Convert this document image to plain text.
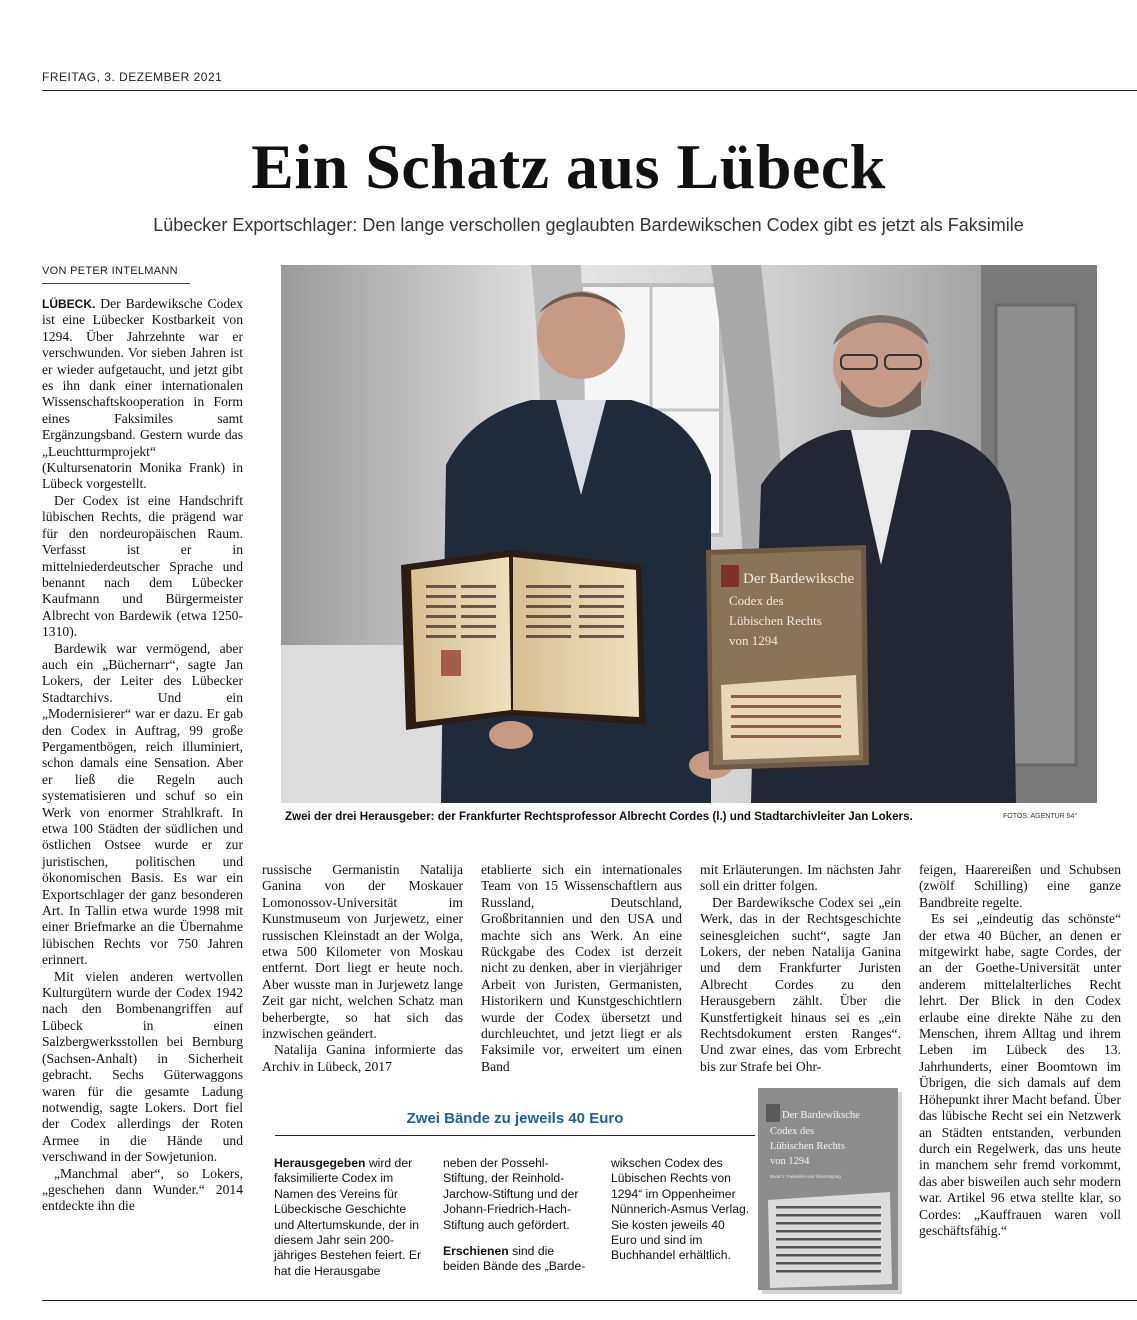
FREITAG, 3. DEZEMBER 2021
Ein Schatz aus Lübeck
Lübecker Exportschlager: Den lange verschollen geglaubten Bardewikschen Codex gibt es jetzt als Faksimile
VON PETER INTELMANN
Der Bardewiksche
Codex des
Lübischen Rechts
von 1294
Zwei der drei Herausgeber: der Frankfurter Rechtsprofessor Albrecht Cordes (l.) und Stadtarchivleiter Jan Lokers.	FOTOS: AGENTUR 54°

LÜBECK. Der Bardewiksche Codex ist eine Lübecker Kostbarkeit von 1294. Über Jahrzehnte war er verschwunden. Vor sieben Jahren ist er wieder aufgetaucht, und jetzt gibt es ihn dank einer internationalen Wissenschaftskooperation in Form eines Faksimiles samt Ergänzungsband. Gestern wurde das „Leuchtturmprojekt“ (Kultursenatorin Monika Frank) in Lübeck vorgestellt.

Der Codex ist eine Handschrift lübischen Rechts, die prägend war für den nordeuropäischen Raum. Verfasst ist er in mittelniederdeutscher Sprache und benannt nach dem Lübecker Kaufmann und Bürgermeister Albrecht von Bardewik (etwa 1250-1310).

Bardewik war vermögend, aber auch ein „Büchernarr“, sagte Jan Lokers, der Leiter des Lübecker Stadtarchivs. Und ein „Modernisierer“ war er dazu. Er gab den Codex in Auftrag, 99 große Pergamentbögen, reich illuminiert, schon damals eine Sensation. Aber er ließ die Regeln auch systematisieren und schuf so ein Werk von enormer Strahlkraft. In etwa 100 Städten der südlichen und östlichen Ostsee wurde er zur juristischen, politischen und ökonomischen Basis. Es war ein Exportschlager der ganz besonderen Art. In Tallin etwa wurde 1998 mit einer Briefmarke an die Übernahme lübischen Rechts vor 750 Jahren erinnert.

Mit vielen anderen wertvollen Kulturgütern wurde der Codex 1942 nach den Bombenangriffen auf Lübeck in einen Salzbergwerksstollen bei Bernburg (Sachsen-Anhalt) in Sicherheit gebracht. Sechs Güterwaggons waren für die gesamte Ladung notwendig, sagte Lokers. Dort fiel der Codex allerdings der Roten Armee in die Hände und verschwand in der Sowjetunion.

„Manchmal aber“, so Lokers, „geschehen dann Wunder.“ 2014 entdeckte ihn die

russische Germanistin Natalija Ganina von der Moskauer Lomonossov-Universität im Kunstmuseum von Jurjewetz, einer russischen Kleinstadt an der Wolga, etwa 500 Kilometer von Moskau entfernt. Dort liegt er heute noch. Aber wusste man in Jurjewetz lange Zeit gar nicht, welchen Schatz man beherbergte, so hat sich das inzwischen geändert.

Natalija Ganina informierte das Archiv in Lübeck, 2017

etablierte sich ein internationales Team von 15 Wissenschaftlern aus Russland, Deutschland, Großbritannien und den USA und machte sich ans Werk. An eine Rückgabe des Codex ist derzeit nicht zu denken, aber in vierjähriger Arbeit von Juristen, Germanisten, Historikern und Kunstgeschichtlern wurde der Codex übersetzt und durchleuchtet, und jetzt liegt er als Faksimile vor, erweitert um einen Band

mit Erläuterungen. Im nächsten Jahr soll ein dritter folgen.

Der Bardewiksche Codex sei „ein Werk, das in der Rechtsgeschichte seinesgleichen sucht“, sagte Jan Lokers, der neben Natalija Ganina und dem Frankfurter Juristen Albrecht Cordes zu den Herausgebern zählt. Über die Kunstfertigkeit hinaus sei es „ein Rechtsdokument ersten Ranges“. Und zwar eines, das vom Erbrecht bis zur Strafe bei Ohr-

feigen, Haarereißen und Schubsen (zwölf Schilling) eine ganze Bandbreite regelte.

Es sei „eindeutig das schönste“ der etwa 40 Bücher, an denen er mitgewirkt habe, sagte Cordes, der an der Goethe-Universität unter anderem mittelalterliches Recht lehrt. Der Blick in den Codex erlaube eine direkte Nähe zu den Menschen, ihrem Alltag und ihrem Leben im Lübeck des 13. Jahrhunderts, einer Boomtown im Übrigen, die sich damals auf dem Höhepunkt ihrer Macht befand. Über das lübische Recht sei ein Netzwerk an Städten entstanden, verbunden durch ein Regelwerk, das uns heute in manchem sehr fremd vorkommt, das aber bisweilen auch sehr modern war. Artikel 96 etwa stellte klar, so Cordes: „Kauffrauen waren voll geschäftsfähig.“

Zwei Bände zu jeweils 40 Euro

Herausgegeben wird der faksimilierte Codex im Namen des Vereins für Lübeckische Geschichte und Altertumskunde, der in diesem Jahr sein 200-jähriges Bestehen feiert. Er hat die Herausgabe

neben der Possehl-Stiftung, der Reinhold-Jarchow-Stiftung und der Johann-Friedrich-Hach-Stiftung auch gefördert.

Erschienen sind die beiden Bände des „Barde-

wikschen Codex des Lübischen Rechts von 1294“ im Oppenheimer Nünnerich-Asmus Verlag. Sie kosten jeweils 40 Euro und sind im Buchhandel erhältlich.

Der Bardewiksche
Codex des
Lübischen Rechts
von 1294
Band 1: Faksimile und Übertragung
